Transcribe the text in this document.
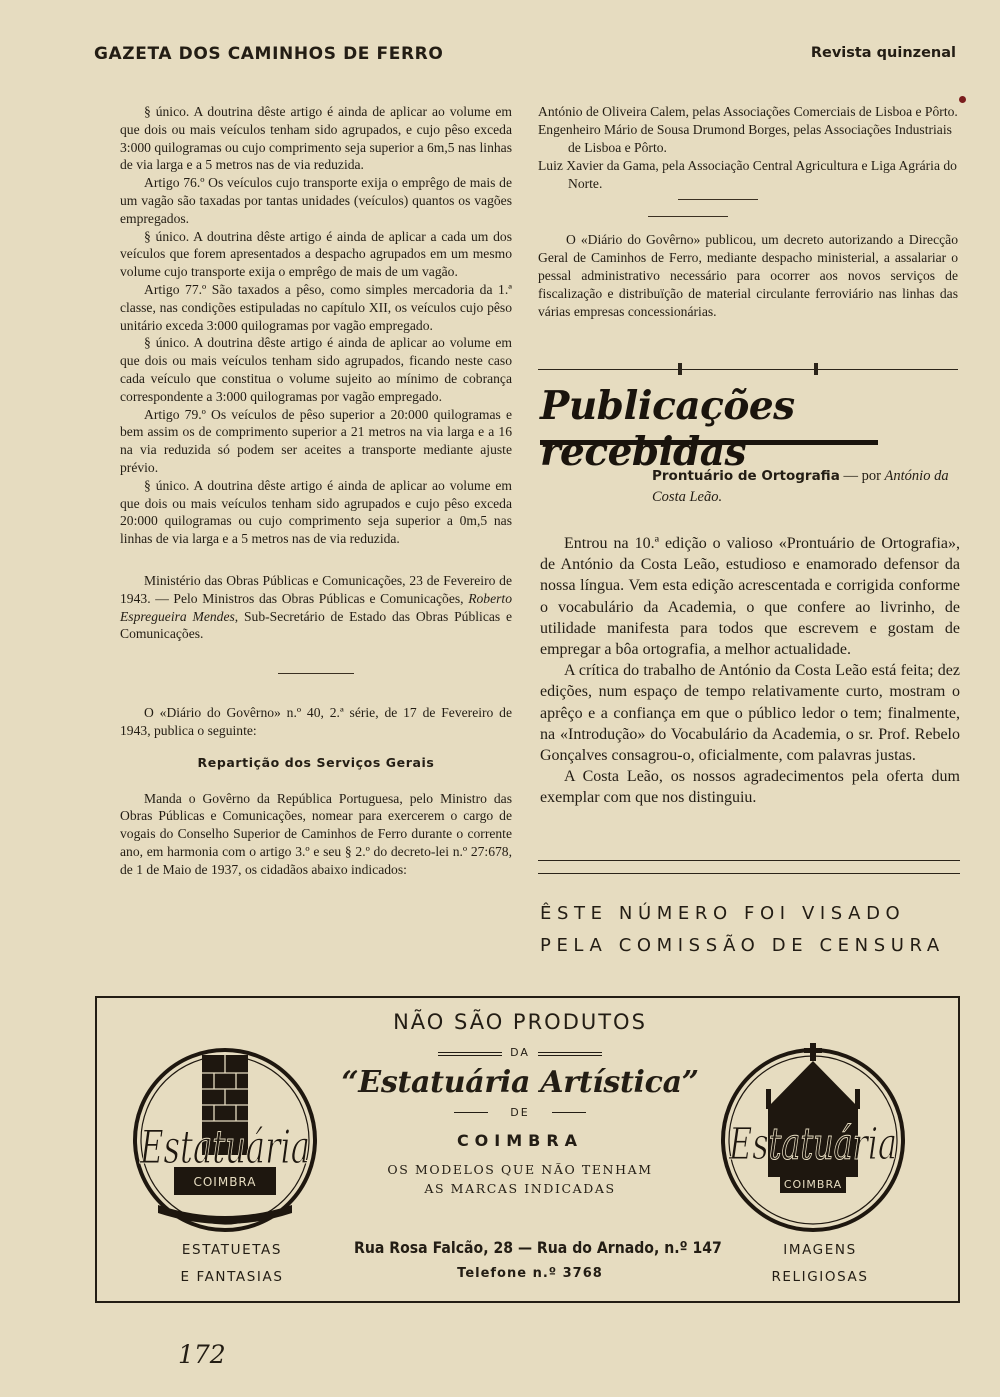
GAZETA DOS CAMINHOS DE FERRO	Revista quinzenal

§ único. A doutrina dêste artigo é ainda de aplicar ao volume em que dois ou mais veículos tenham sido agrupados, e cujo pêso exceda 3:000 quilogramas ou cujo comprimento seja superior a 6m,5 nas linhas de via larga e a 5 metros nas de via reduzida.

Artigo 76.º Os veículos cujo transporte exija o emprêgo de mais de um vagão são taxadas por tantas unidades (veículos) quantos os vagões empregados.

§ único. A doutrina dêste artigo é ainda de aplicar a cada um dos veículos que forem apresentados a despacho agrupados em um mesmo volume cujo transporte exija o emprêgo de mais de um vagão.

Artigo 77.º São taxados a pêso, como simples mercadoria da 1.ª classe, nas condições estipuladas no capítulo XII, os veículos cujo pêso unitário exceda 3:000 quilogramas por vagão empregado.

§ único. A doutrina dêste artigo é ainda de aplicar ao volume em que dois ou mais veículos tenham sido agrupados, ficando neste caso cada veículo que constitua o volume sujeito ao mínimo de cobrança correspondente a 3:000 quilogramas por vagão empregado.

Artigo 79.º Os veículos de pêso superior a 20:000 quilogramas e bem assim os de comprimento superior a 21 metros na via larga e a 16 na via reduzida só podem ser aceites a transporte mediante ajuste prévio.

§ único. A doutrina dêste artigo é ainda de aplicar ao volume em que dois ou mais veículos tenham sido agrupados e cujo pêso exceda 20:000 quilogramas ou cujo comprimento seja superior a 0m,5 nas linhas de via larga e a 5 metros nas de via reduzida.

Ministério das Obras Públicas e Comunicações, 23 de Fevereiro de 1943. — Pelo Ministros das Obras Públicas e Comunicações, Roberto Espregueira Mendes, Sub-Secretário de Estado das Obras Públicas e Comunicações.

O «Diário do Govêrno» n.º 40, 2.ª série, de 17 de Fevereiro de 1943, publica o seguinte:

Repartição dos Serviços Gerais

Manda o Govêrno da República Portuguesa, pelo Ministro das Obras Públicas e Comunicações, nomear para exercerem o cargo de vogais do Conselho Superior de Caminhos de Ferro durante o corrente ano, em harmonia com o artigo 3.º e seu § 2.º do decreto-lei n.º 27:678, de 1 de Maio de 1937, os cidadãos abaixo indicados:

António de Oliveira Calem, pelas Associações Comerciais de Lisboa e Pôrto.

Engenheiro Mário de Sousa Drumond Borges, pelas Associações Industriais de Lisboa e Pôrto.

Luiz Xavier da Gama, pela Associação Central Agricultura e Liga Agrária do Norte.

O «Diário do Govêrno» publicou, um decreto autorizando a Direcção Geral de Caminhos de Ferro, mediante despacho ministerial, a assalariar o pessal administrativo necessário para ocorrer aos novos serviços de fiscalização e distribuïção de material circulante ferroviário nas linhas das várias empresas concessionárias.

Publicações recebidas
Prontuário de Ortografia — por António da Costa Leão.

Entrou na 10.ª edição o valioso «Prontuário de Ortografia», de António da Costa Leão, estudioso e enamorado defensor da nossa língua. Vem esta edição acrescentada e corrigida conforme o vocabulário da Academia, o que confere ao livrinho, de utilidade manifesta para todos que escrevem e gostam de empregar a bôa ortografia, a melhor actualidade.

A crítica do trabalho de António da Costa Leão está feita; dez edições, num espaço de tempo relativamente curto, mostram o aprêço e a confiança em que o público ledor o tem; finalmente, na «Introdução» do Vocabulário da Academia, o sr. Prof. Rebelo Gonçalves consagrou-o, oficialmente, com palavras justas.

A Costa Leão, os nossos agradecimentos pela oferta dum exemplar com que nos distinguiu.

ÊSTE NÚMERO FOI VISADO
PELA COMISSÃO DE CENSURA
COIMBRA
Estatuária
COIMBRA
Estatuária
NÃO SÃO PRODUTOS
DA
“Estatuária Artística”
DE
COIMBRA
OS MODELOS QUE NÃO TENHAM
AS MARCAS INDICADAS
Rua Rosa Falcão, 28 — Rua do Arnado, n.º 147
Telefone n.º 3768
ESTATUETAS
E FANTASIAS
IMAGENS
RELIGIOSAS
172
